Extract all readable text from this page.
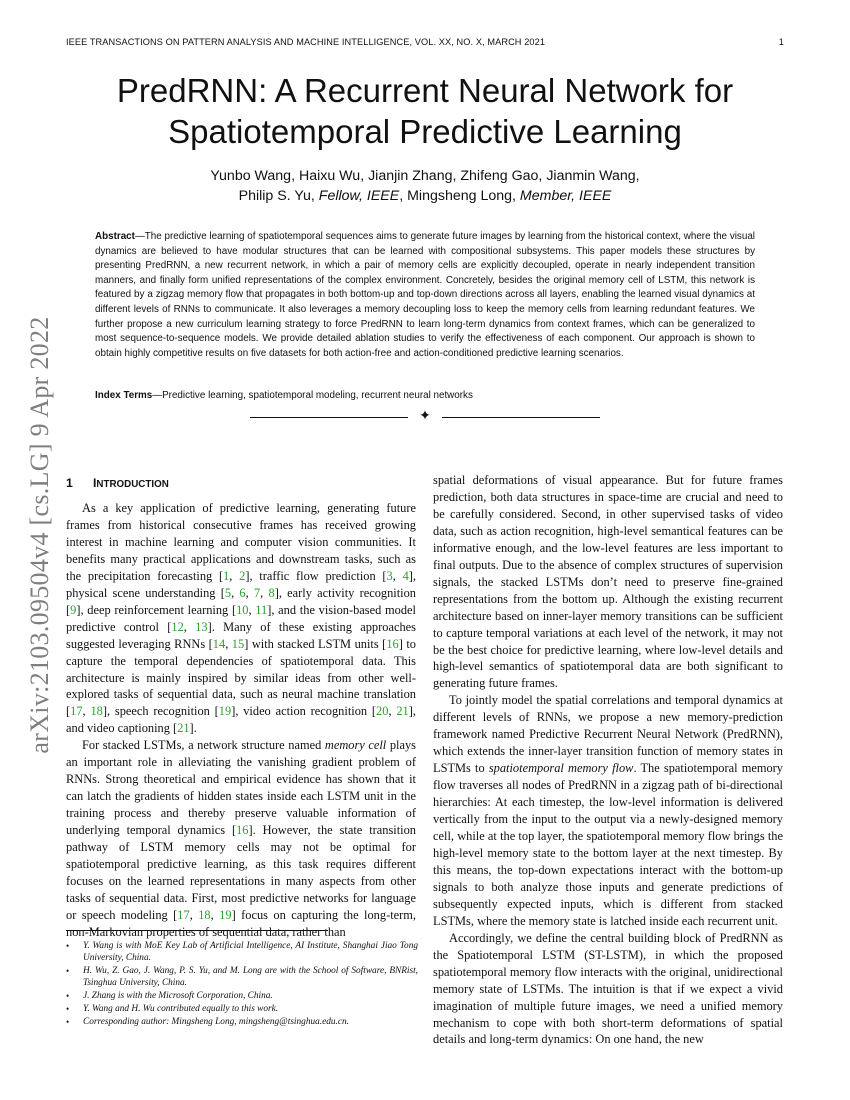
IEEE TRANSACTIONS ON PATTERN ANALYSIS AND MACHINE INTELLIGENCE, VOL. XX, NO. X, MARCH 2021	1
arXiv:2103.09504v4 [cs.LG] 9 Apr 2022
PredRNN: A Recurrent Neural Network for
Spatiotemporal Predictive Learning
Yunbo Wang, Haixu Wu, Jianjin Zhang, Zhifeng Gao, Jianmin Wang,
Philip S. Yu, Fellow, IEEE, Mingsheng Long, Member, IEEE
Abstract—The predictive learning of spatiotemporal sequences aims to generate future images by learning from the historical context, where the visual dynamics are believed to have modular structures that can be learned with compositional subsystems. This paper models these structures by presenting PredRNN, a new recurrent network, in which a pair of memory cells are explicitly decoupled, operate in nearly independent transition manners, and finally form unified representations of the complex environment. Concretely, besides the original memory cell of LSTM, this network is featured by a zigzag memory flow that propagates in both bottom-up and top-down directions across all layers, enabling the learned visual dynamics at different levels of RNNs to communicate. It also leverages a memory decoupling loss to keep the memory cells from learning redundant features. We further propose a new curriculum learning strategy to force PredRNN to learn long-term dynamics from context frames, which can be generalized to most sequence-to-sequence models. We provide detailed ablation studies to verify the effectiveness of each component. Our approach is shown to obtain highly competitive results on five datasets for both action-free and action-conditioned predictive learning scenarios.
Index Terms—Predictive learning, spatiotemporal modeling, recurrent neural networks
✦
1 INTRODUCTION

As a key application of predictive learning, generating future frames from historical consecutive frames has received growing interest in machine learning and computer vision communities. It benefits many practical applications and downstream tasks, such as the precipitation forecasting [1, 2], traffic flow prediction [3, 4], physical scene understanding [5, 6, 7, 8], early activity recognition [9], deep reinforcement learning [10, 11], and the vision-based model predictive control [12, 13]. Many of these existing approaches suggested leveraging RNNs [14, 15] with stacked LSTM units [16] to capture the temporal dependencies of spatiotemporal data. This architecture is mainly inspired by similar ideas from other well-explored tasks of sequential data, such as neural machine translation [17, 18], speech recognition [19], video action recognition [20, 21], and video captioning [21].

For stacked LSTMs, a network structure named memory cell plays an important role in alleviating the vanishing gradient problem of RNNs. Strong theoretical and empirical evidence has shown that it can latch the gradients of hidden states inside each LSTM unit in the training process and thereby preserve valuable information of underlying temporal dynamics [16]. However, the state transition pathway of LSTM memory cells may not be optimal for spatiotemporal predictive learning, as this task requires different focuses on the learned representations in many aspects from other tasks of sequential data. First, most predictive networks for language or speech modeling [17, 18, 19] focus on capturing the long-term, non-Markovian properties of sequential data, rather than

spatial deformations of visual appearance. But for future frames prediction, both data structures in space-time are crucial and need to be carefully considered. Second, in other supervised tasks of video data, such as action recognition, high-level semantical features can be informative enough, and the low-level features are less important to final outputs. Due to the absence of complex structures of supervision signals, the stacked LSTMs don’t need to preserve fine-grained representations from the bottom up. Although the existing recurrent architecture based on inner-layer memory transitions can be sufficient to capture temporal variations at each level of the network, it may not be the best choice for predictive learning, where low-level details and high-level semantics of spatiotemporal data are both significant to generating future frames.

To jointly model the spatial correlations and temporal dynamics at different levels of RNNs, we propose a new memory-prediction framework named Predictive Recurrent Neural Network (PredRNN), which extends the inner-layer transition function of memory states in LSTMs to spatiotemporal memory flow. The spatiotemporal memory flow traverses all nodes of PredRNN in a zigzag path of bi-directional hierarchies: At each timestep, the low-level information is delivered vertically from the input to the output via a newly-designed memory cell, while at the top layer, the spatiotemporal memory flow brings the high-level memory state to the bottom layer at the next timestep. By this means, the top-down expectations interact with the bottom-up signals to both analyze those inputs and generate predictions of subsequently expected inputs, which is different from stacked LSTMs, where the memory state is latched inside each recurrent unit.

Accordingly, we define the central building block of PredRNN as the Spatiotemporal LSTM (ST-LSTM), in which the proposed spatiotemporal memory flow interacts with the original, unidirectional memory state of LSTMs. The intuition is that if we expect a vivid imagination of multiple future images, we need a unified memory mechanism to cope with both short-term deformations of spatial details and long-term dynamics: On one hand, the new

• Y. Wang is with MoE Key Lab of Artificial Intelligence, AI Institute, Shanghai Jiao Tong University, China.
• H. Wu, Z. Gao, J. Wang, P. S. Yu, and M. Long are with the School of Software, BNRist, Tsinghua University, China.
• J. Zhang is with the Microsoft Corporation, China.
• Y. Wang and H. Wu contributed equally to this work.
• Corresponding author: Mingsheng Long, mingsheng@tsinghua.edu.cn.
